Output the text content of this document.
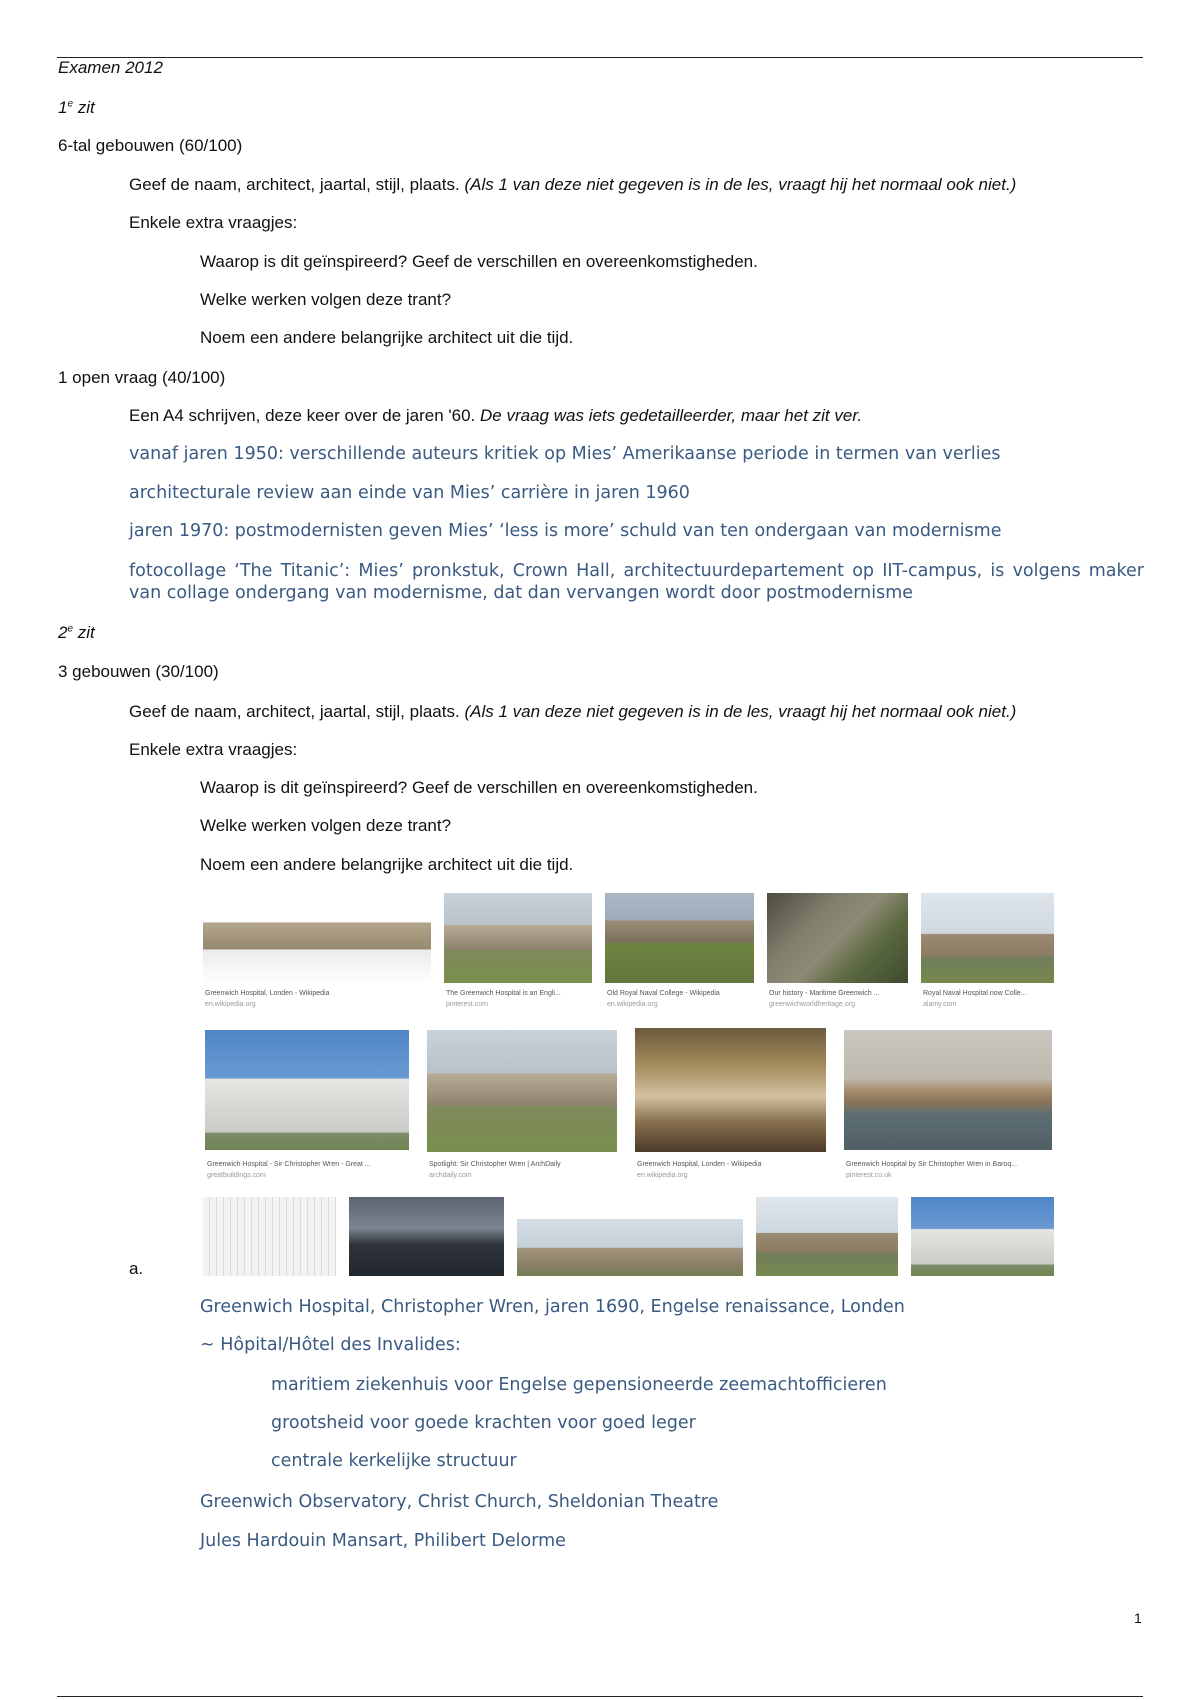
Examen 2012
1e zit
6-tal gebouwen (60/100)
Geef de naam, architect, jaartal, stijl, plaats. (Als 1 van deze niet gegeven is in de les, vraagt hij het normaal ook niet.)
Enkele extra vraagjes:
Waarop is dit geïnspireerd? Geef de verschillen en overeenkomstigheden.
Welke werken volgen deze trant?
Noem een andere belangrijke architect uit die tijd.
1 open vraag (40/100)
Een A4 schrijven, deze keer over de jaren '60. De vraag was iets gedetailleerder, maar het zit ver.
vanaf jaren 1950: verschillende auteurs kritiek op Mies’ Amerikaanse periode in termen van verlies
architecturale review aan einde van Mies’ carrière in jaren 1960
jaren 1970: postmodernisten geven Mies’ ‘less is more’ schuld van ten ondergaan van modernisme
fotocollage ‘The Titanic’: Mies’ pronkstuk, Crown Hall, architectuurdepartement op IIT-campus, is volgens maker van collage ondergang van modernisme, dat dan vervangen wordt door postmodernisme
2e zit
3 gebouwen (30/100)
Geef de naam, architect, jaartal, stijl, plaats. (Als 1 van deze niet gegeven is in de les, vraagt hij het normaal ook niet.)
Enkele extra vraagjes:
Waarop is dit geïnspireerd? Geef de verschillen en overeenkomstigheden.
Welke werken volgen deze trant?
Noem een andere belangrijke architect uit die tijd.
Greenwich Hospital, Londen - Wikipedia
en.wikipedia.org
The Greenwich Hospital is an Engli...
pinterest.com
Old Royal Naval College - Wikipedia
en.wikipedia.org
Our history - Maritime Greenwich ...
greenwichworldheritage.org
Royal Naval Hospital now Colle...
alamy.com
Greenwich Hospital - Sir Christopher Wren - Great ...
greatbuildings.com
Spotlight: Sir Christopher Wren | ArchDaily
archdaily.com
Greenwich Hospital, Londen - Wikipedia
en.wikipedia.org
Greenwich Hospital by Sir Christopher Wren in Baroq...
pinterest.co.uk
a.
Greenwich Hospital, Christopher Wren, jaren 1690, Engelse renaissance, Londen
~ Hôpital/Hôtel des Invalides:
maritiem ziekenhuis voor Engelse gepensioneerde zeemachtofficieren
grootsheid voor goede krachten voor goed leger
centrale kerkelijke structuur
Greenwich Observatory, Christ Church, Sheldonian Theatre
Jules Hardouin Mansart, Philibert Delorme
1
